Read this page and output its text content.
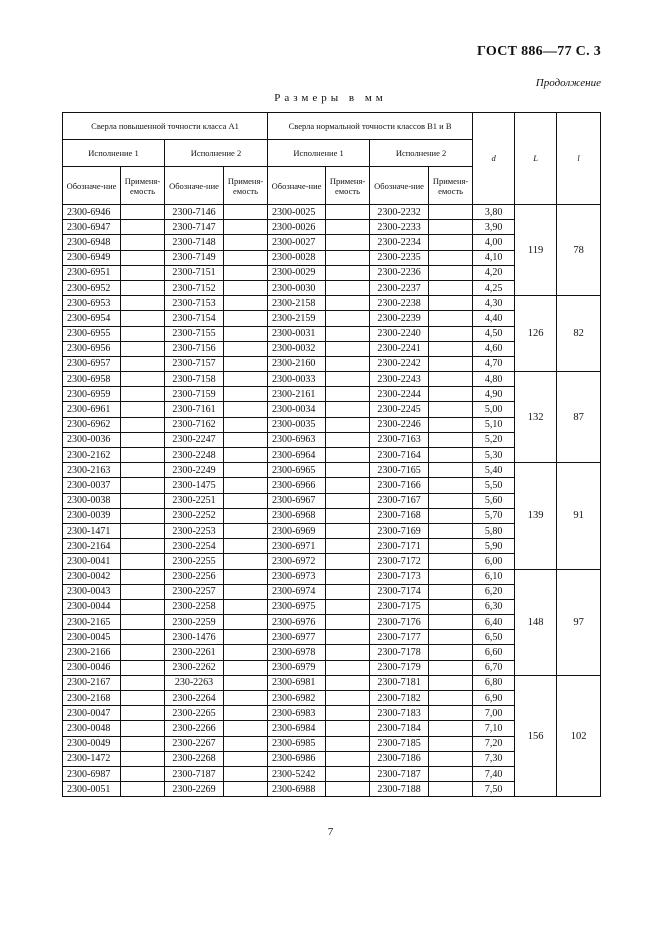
ГОСТ 886—77 С. 3
Продолжение
Размеры в мм
Сверла повышенной точности класса А1				Сверла нормальной точности классов В1 и В				d	L	l
Исполнение 1		Исполнение 2		Исполнение 1		Исполнение 2				
Обозначе-ние	Применя-емость	Обозначе-ние	Применя-емость	Обозначе-ние	Применя-емость	Обозначе-ние	Применя-емость			
2300-6946		2300-7146		2300-0025		2300-2232		3,80	119	78
2300-6947		2300-7147		2300-0026		2300-2233		3,90		
2300-6948		2300-7148		2300-0027		2300-2234		4,00		
2300-6949		2300-7149		2300-0028		2300-2235		4,10		
2300-6951		2300-7151		2300-0029		2300-2236		4,20		
2300-6952		2300-7152		2300-0030		2300-2237		4,25		
2300-6953		2300-7153		2300-2158		2300-2238		4,30	126	82
2300-6954		2300-7154		2300-2159		2300-2239		4,40		
2300-6955		2300-7155		2300-0031		2300-2240		4,50		
2300-6956		2300-7156		2300-0032		2300-2241		4,60		
2300-6957		2300-7157		2300-2160		2300-2242		4,70		
2300-6958		2300-7158		2300-0033		2300-2243		4,80	132	87
2300-6959		2300-7159		2300-2161		2300-2244		4,90		
2300-6961		2300-7161		2300-0034		2300-2245		5,00		
2300-6962		2300-7162		2300-0035		2300-2246		5,10		
2300-0036		2300-2247		2300-6963		2300-7163		5,20		
2300-2162		2300-2248		2300-6964		2300-7164		5,30		
2300-2163		2300-2249		2300-6965		2300-7165		5,40	139	91
2300-0037		2300-1475		2300-6966		2300-7166		5,50		
2300-0038		2300-2251		2300-6967		2300-7167		5,60		
2300-0039		2300-2252		2300-6968		2300-7168		5,70		
2300-1471		2300-2253		2300-6969		2300-7169		5,80		
2300-2164		2300-2254		2300-6971		2300-7171		5,90		
2300-0041		2300-2255		2300-6972		2300-7172		6,00		
2300-0042		2300-2256		2300-6973		2300-7173		6,10	148	97
2300-0043		2300-2257		2300-6974		2300-7174		6,20		
2300-0044		2300-2258		2300-6975		2300-7175		6,30		
2300-2165		2300-2259		2300-6976		2300-7176		6,40		
2300-0045		2300-1476		2300-6977		2300-7177		6,50		
2300-2166		2300-2261		2300-6978		2300-7178		6,60		
2300-0046		2300-2262		2300-6979		2300-7179		6,70		
2300-2167		230-2263		2300-6981		2300-7181		6,80	156	102
2300-2168		2300-2264		2300-6982		2300-7182		6,90		
2300-0047		2300-2265		2300-6983		2300-7183		7,00		
2300-0048		2300-2266		2300-6984		2300-7184		7,10		
2300-0049		2300-2267		2300-6985		2300-7185		7,20		
2300-1472		2300-2268		2300-6986		2300-7186		7,30		
2300-6987		2300-7187		2300-5242		2300-7187		7,40		
2300-0051		2300-2269		2300-6988		2300-7188		7,50		
7
